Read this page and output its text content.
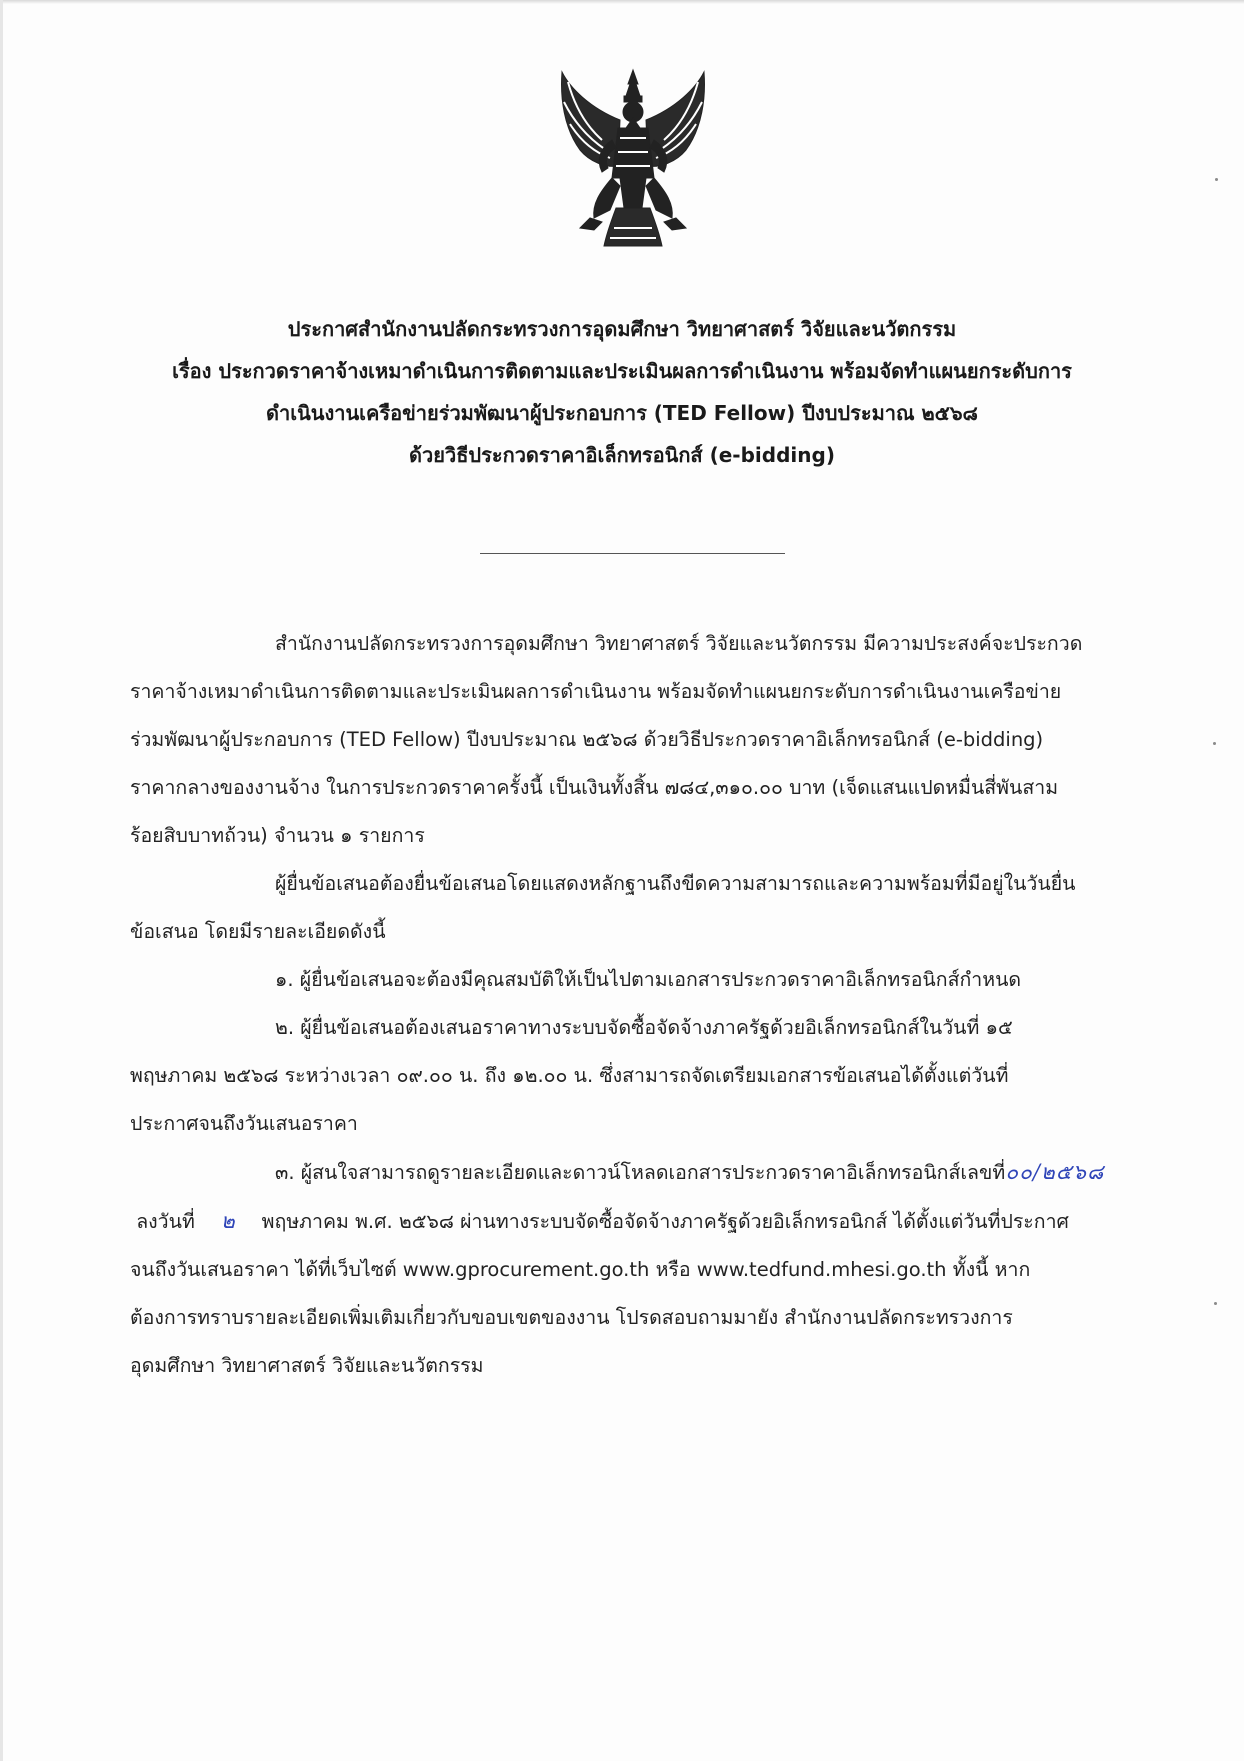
ประกาศสำนักงานปลัดกระทรวงการอุดมศึกษา วิทยาศาสตร์ วิจัยและนวัตกรรม
เรื่อง ประกวดราคาจ้างเหมาดำเนินการติดตามและประเมินผลการดำเนินงาน พร้อมจัดทำแผนยกระดับการ
ดำเนินงานเครือข่ายร่วมพัฒนาผู้ประกอบการ (TED Fellow) ปีงบประมาณ ๒๕๖๘
ด้วยวิธีประกวดราคาอิเล็กทรอนิกส์ (e-bidding)
สำนักงานปลัดกระทรวงการอุดมศึกษา วิทยาศาสตร์ วิจัยและนวัตกรรม มีความประสงค์จะประกวด
ราคาจ้างเหมาดำเนินการติดตามและประเมินผลการดำเนินงาน พร้อมจัดทำแผนยกระดับการดำเนินงานเครือข่าย
ร่วมพัฒนาผู้ประกอบการ (TED Fellow) ปีงบประมาณ ๒๕๖๘ ด้วยวิธีประกวดราคาอิเล็กทรอนิกส์ (e-bidding)
ราคากลางของงานจ้าง ในการประกวดราคาครั้งนี้ เป็นเงินทั้งสิ้น ๗๘๔,๓๑๐.๐๐ บาท (เจ็ดแสนแปดหมื่นสี่พันสาม
ร้อยสิบบาทถ้วน) จำนวน ๑ รายการ
ผู้ยื่นข้อเสนอต้องยื่นข้อเสนอโดยแสดงหลักฐานถึงขีดความสามารถและความพร้อมที่มีอยู่ในวันยื่น
ข้อเสนอ โดยมีรายละเอียดดังนี้
๑. ผู้ยื่นข้อเสนอจะต้องมีคุณสมบัติให้เป็นไปตามเอกสารประกวดราคาอิเล็กทรอนิกส์กำหนด
๒. ผู้ยื่นข้อเสนอต้องเสนอราคาทางระบบจัดซื้อจัดจ้างภาครัฐด้วยอิเล็กทรอนิกส์ในวันที่ ๑๕
พฤษภาคม ๒๕๖๘ ระหว่างเวลา ๐๙.๐๐ น. ถึง ๑๒.๐๐ น. ซึ่งสามารถจัดเตรียมเอกสารข้อเสนอได้ตั้งแต่วันที่
ประกาศจนถึงวันเสนอราคา
๓. ผู้สนใจสามารถดูรายละเอียดและดาวน์โหลดเอกสารประกวดราคาอิเล็กทรอนิกส์เลขที่๐๐/๒๕๖๘
ลงวันที่ ๒ พฤษภาคม พ.ศ. ๒๕๖๘ ผ่านทางระบบจัดซื้อจัดจ้างภาครัฐด้วยอิเล็กทรอนิกส์ ได้ตั้งแต่วันที่ประกาศ
จนถึงวันเสนอราคา ได้ที่เว็บไซต์ www.gprocurement.go.th หรือ www.tedfund.mhesi.go.th ทั้งนี้ หาก
ต้องการทราบรายละเอียดเพิ่มเติมเกี่ยวกับขอบเขตของงาน โปรดสอบถามมายัง สำนักงานปลัดกระทรวงการ
อุดมศึกษา วิทยาศาสตร์ วิจัยและนวัตกรรม
